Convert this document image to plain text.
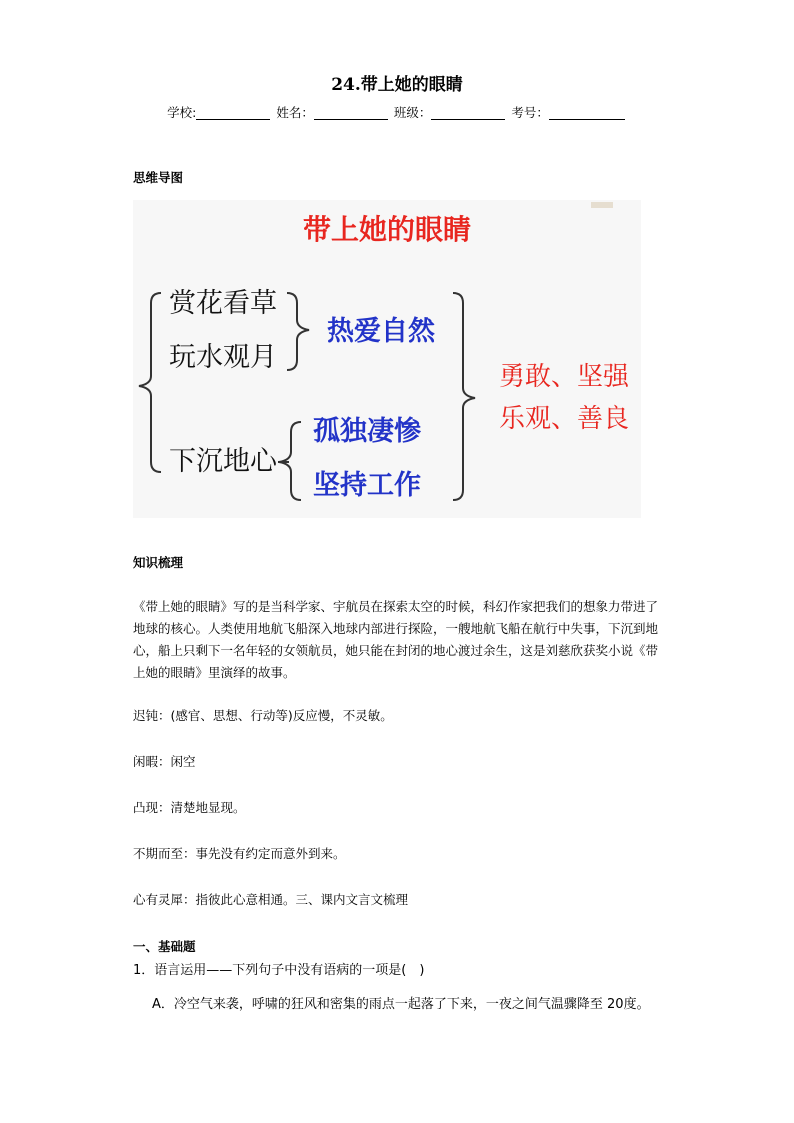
24.带上她的眼睛
学校:	姓名：	班级：	考号：
思维导图
带上她的眼睛
赏花看草
玩水观月
下沉地心
热爱自然
孤独凄惨
坚持工作
勇敢、坚强
乐观、善良
知识梳理
《带上她的眼睛》写的是当科学家、宇航员在探索太空的时候，科幻作家把我们的想象力带进了地球的核心。人类使用地航飞船深入地球内部进行探险，一艘地航飞船在航行中失事，下沉到地心，船上只剩下一名年轻的女领航员，她只能在封闭的地心渡过余生，这是刘慈欣获奖小说《带上她的眼睛》里演绎的故事。
迟钝：(感官、思想、行动等)反应慢，不灵敏。
闲暇：闲空
凸现：清楚地显现。
不期而至：事先没有约定而意外到来。
心有灵犀：指彼此心意相通。三、课内文言文梳理
一、基础题
1．语言运用——下列句子中没有语病的一项是(　)
A．冷空气来袭，呼啸的狂风和密集的雨点一起落了下来，一夜之间气温骤降至 20度。
